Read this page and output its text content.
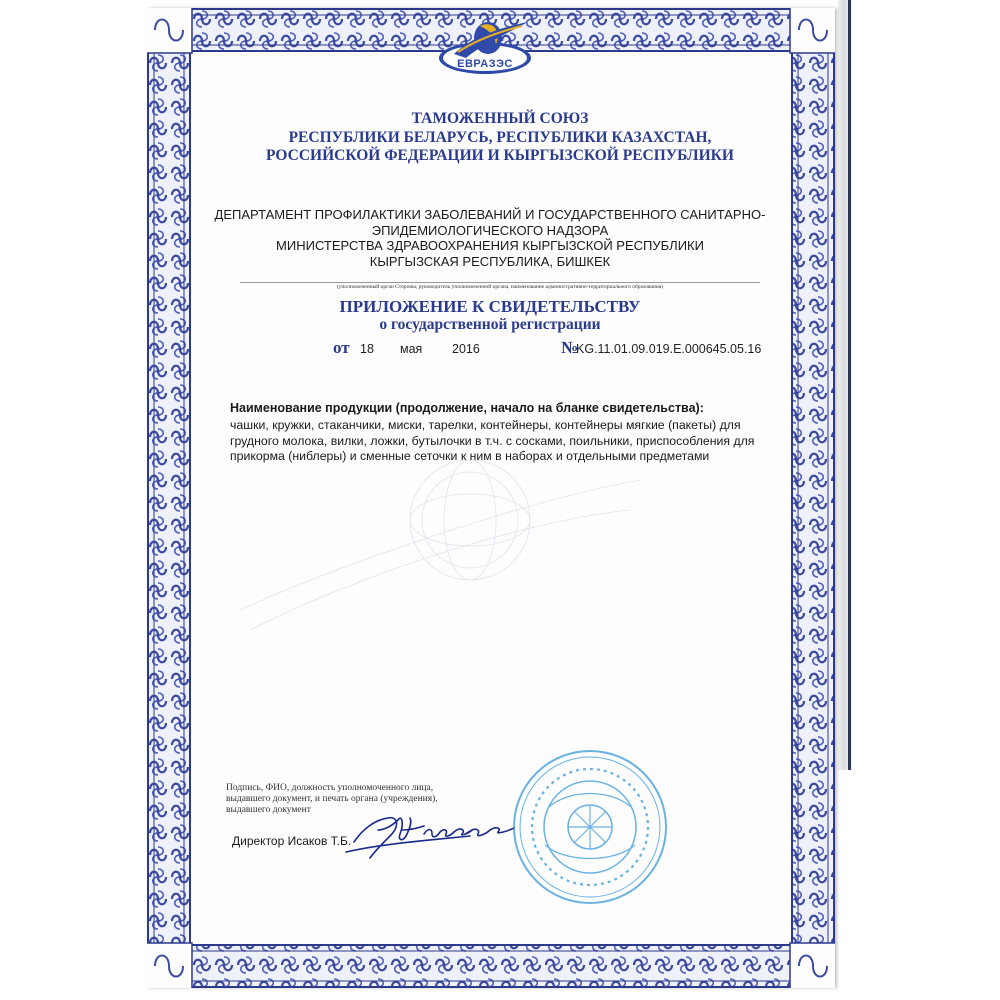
ЕВРАЗЭС
ТАМОЖЕННЫЙ СОЮЗ
РЕСПУБЛИКИ БЕЛАРУСЬ, РЕСПУБЛИКИ КАЗАХСТАН,
РОССИЙСКОЙ ФЕДЕРАЦИИ И КЫРГЫЗСКОЙ РЕСПУБЛИКИ
ДЕПАРТАМЕНТ ПРОФИЛАКТИКИ ЗАБОЛЕВАНИЙ И ГОСУДАРСТВЕННОГО САНИТАРНО-
ЭПИДЕМИОЛОГИЧЕСКОГО НАДЗОРА
МИНИСТЕРСТВА ЗДРАВООХРАНЕНИЯ КЫРГЫЗСКОЙ РЕСПУБЛИКИ
КЫРГЫЗСКАЯ РЕСПУБЛИКА, БИШКЕК
(уполномоченный орган Стороны, руководитель уполномоченной органа, наименование административно-территориального образования)
ПРИЛОЖЕНИЕ К СВИДЕТЕЛЬСТВУ
о государственной регистрации
от 18 мая 2016	№
KG.11.01.09.019.E.000645.05.16
Наименование продукции (продолжение, начало на бланке свидетельства):
чашки, кружки, стаканчики, миски, тарелки, контейнеры, контейнеры мягкие (пакеты) для
грудного молока, вилки, ложки, бутылочки в т.ч. с сосками, поильники, приспособления для
прикорма (ниблеры) и сменные сеточки к ним в наборах и отдельными предметами
Подпись, ФИО, должность уполномоченного лица,
выдавшего документ, и печать органа (учреждения),
выдавшего документ
Директор Исаков Т.Б.
